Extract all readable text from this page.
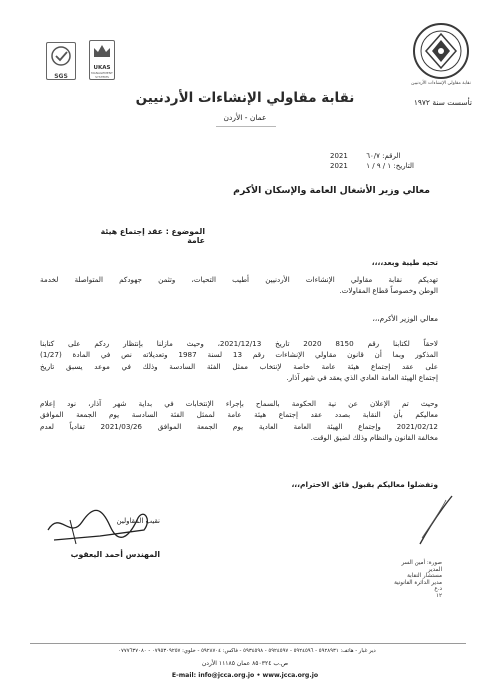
نقابة مقاولي الإنشاءات الأردنيين
SGS
UKAS
MANAGEMENT SYSTEMS
نقابة مقاولي الإنشاءات الأردنيين
عمان - الأردن
تأسست سنة ١٩٧٢
2021	الرقم: ٦٠/٧
2021	التاريخ: ١ / ٩ / ١
معالي وزير الأشغال العامة والإسكان الأكرم
الموضوع : عقد إجتماع هيئة عامة
تحيه طيبة وبعد،،،،
تهديكم نقابة مقاولي الإنشاءات الأردنيين أطيب التحيات، وتثمن جهودكم المتواصلة لخدمة
الوطن وخصوصاً قطاع المقاولات.
معالي الوزير الأكرم،،،
لاحقاً لكتابنا رقم 8150 2020 تاريخ 2021/12/13، وحيث مازلنا بإنتظار ردكم على كتابنا
المذكور وبما أن قانون مقاولي الإنشاءات رقم 13 لسنة 1987 وتعديلاته نص في المادة (1/27)
على عقد إجتماع هيئة عامة خاصة لإنتخاب ممثل الفئة السادسة وذلك في موعد يسبق تاريخ
إجتماع الهيئة العامة العادي الذي يعقد في شهر آذار.
وحيث تم الإعلان عن نية الحكومة بالسماح بإجراء الإنتخابات في بداية شهر آذار، نود إعلام
معاليكم بأن النقابة بصدد عقد إجتماع هيئة عامة لممثل الفئة السادسة يوم الجمعة الموافق
2021/02/12 وإجتماع الهيئة العامة العادية يوم الجمعة الموافق 2021/03/26 تفادياً لعدم
مخالفة القانون والنظام وذلك لضيق الوقت.
وتفضلوا معاليكم بقبول فائق الاحترام،،،
نقيب المقاولين
المهندس أحمد اليعقوب
صورة: أمين السر
المدير
مستشار النقابة
مدير الدائرة القانونية
د.ع
١٢
دير غبار - هاتف: ٥٩٢٨٩٣١ - ٥٩٢٤٥٩٦ - ٥٩٢٤٥٩٧ - ٥٩٣٤٥٩٨ - فاكس: ٥٩٢٨٧٠٤ - خلوي: ٠٧٩٥٣٠٩٢٥٧ - ٠٧٧٧٦٣٧٠٨٠
ص.ب ٨٥٠٣٢٤ عمان ١١١٨٥ الأردن
E-mail: info@jcca.org.jo • www.jcca.org.jo
